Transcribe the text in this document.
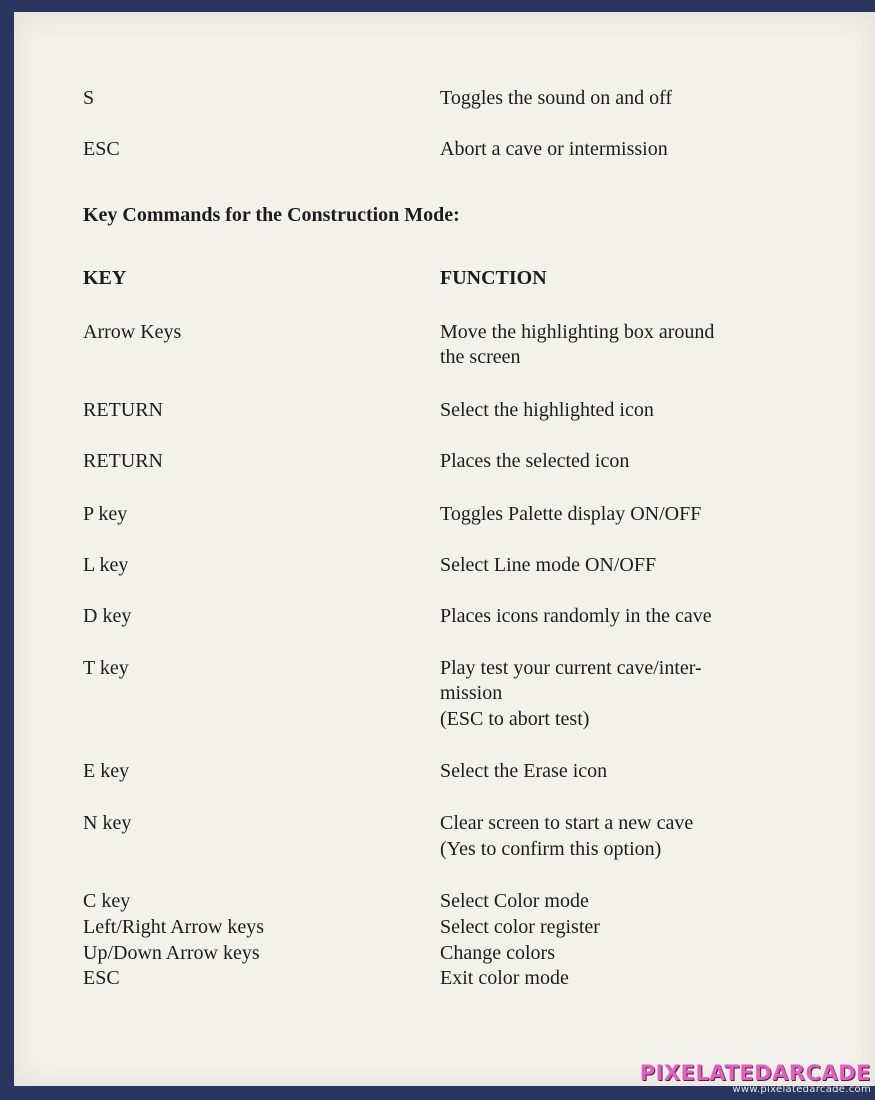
S	Toggles the sound on and off
ESC	Abort a cave or intermission
Key Commands for the Construction Mode:
KEY	FUNCTION
Arrow Keys	Move the highlighting box around
the screen
RETURN	Select the highlighted icon
RETURN	Places the selected icon
P key	Toggles Palette display ON/OFF
L key	Select Line mode ON/OFF
D key	Places icons randomly in the cave
T key	Play test your current cave/inter-
mission
(ESC to abort test)
E key	Select the Erase icon
N key	Clear screen to start a new cave
(Yes to confirm this option)
C key	Select Color mode
Left/Right Arrow keys	Select color register
Up/Down Arrow keys	Change colors
ESC	Exit color mode
PIXELATEDARCADE
www.pixelatedarcade.com
